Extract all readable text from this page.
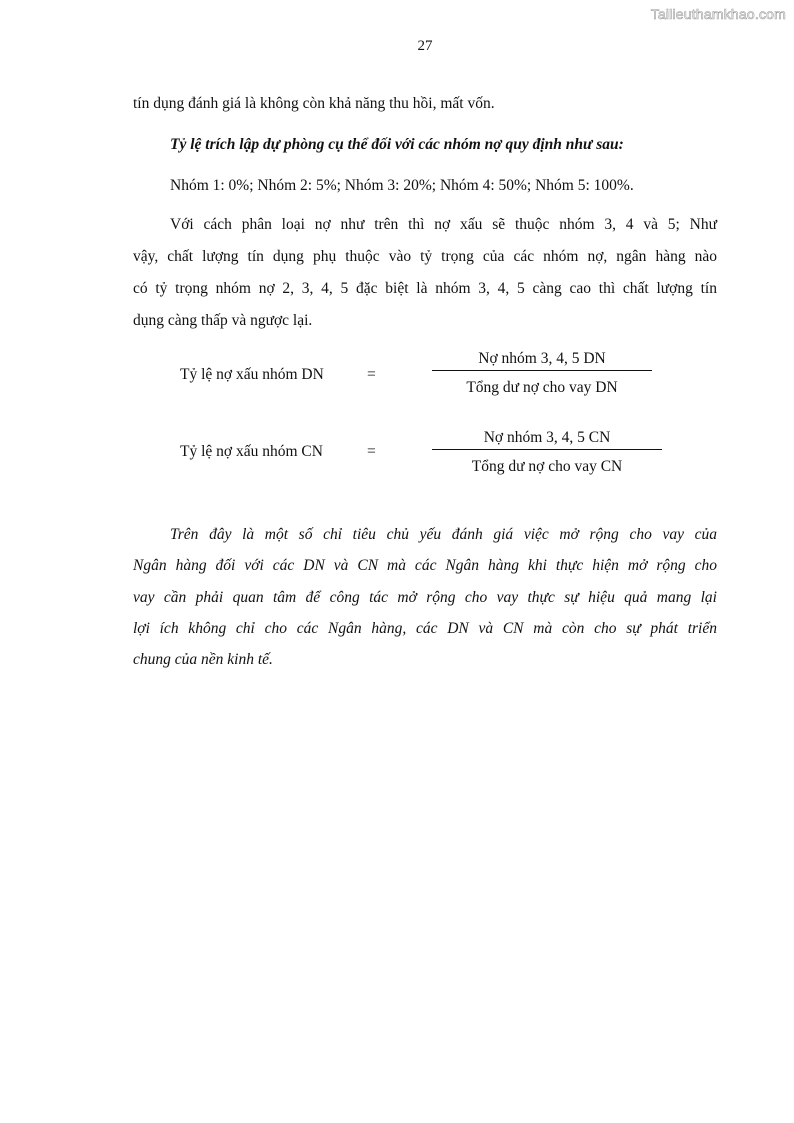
Tailieuthamkhao.com
27
tín dụng đánh giá là không còn khả năng thu hồi, mất vốn.
Tỷ lệ trích lập dự phòng cụ thể đối với các nhóm nợ quy định như sau:
Nhóm 1: 0%; Nhóm 2: 5%; Nhóm 3: 20%; Nhóm 4: 50%; Nhóm 5: 100%.
Với cách phân loại nợ như trên thì nợ xấu sẽ thuộc nhóm 3, 4 và 5; Như
vậy, chất lượng tín dụng phụ thuộc vào tỷ trọng của các nhóm nợ, ngân hàng nào
có tỷ trọng nhóm nợ 2, 3, 4, 5 đặc biệt là nhóm 3, 4, 5 càng cao thì chất lượng tín
dụng càng thấp và ngược lại.
Tỷ lệ nợ xấu nhóm DN	=
Nợ nhóm 3, 4, 5 DN
Tổng dư nợ cho vay DN
Tỷ lệ nợ xấu nhóm CN	=
Nợ nhóm 3, 4, 5 CN
Tổng dư nợ cho vay CN
Trên đây là một số chỉ tiêu chủ yếu đánh giá việc mở rộng cho vay của
Ngân hàng đối với các DN và CN mà các Ngân hàng khi thực hiện mở rộng cho
vay cần phải quan tâm để công tác mở rộng cho vay thực sự hiệu quả mang lại
lợi ích không chỉ cho các Ngân hàng, các DN và CN mà còn cho sự phát triển
chung của nền kinh tế.
